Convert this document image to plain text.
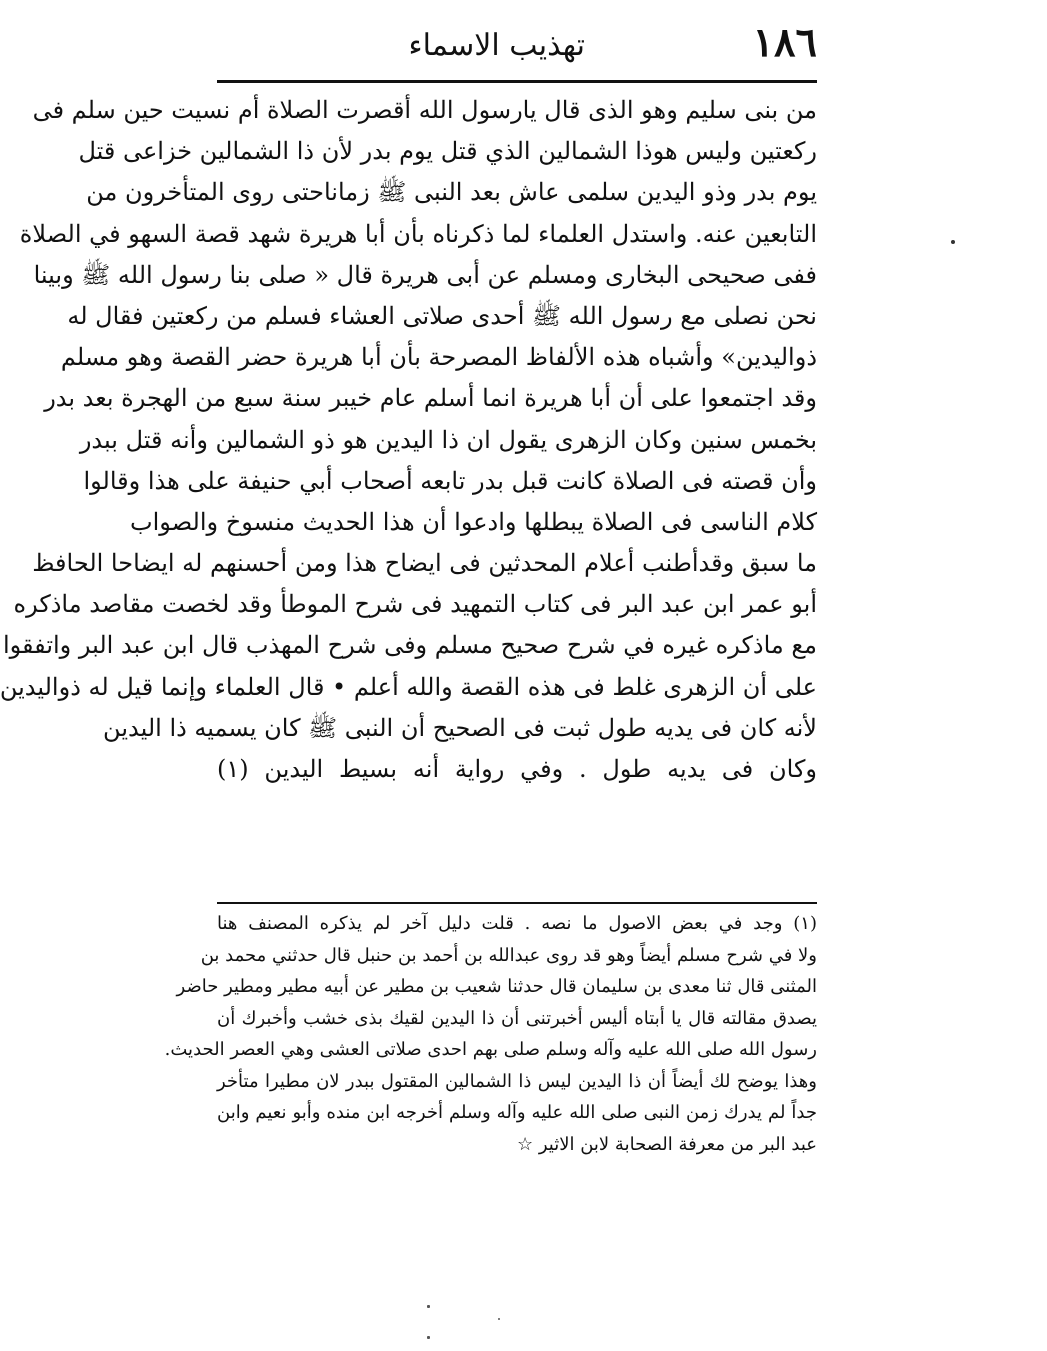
١٨٦
تهذيب الاسماء
من بنى سليم وهو الذى قال يارسول الله أقصرت الصلاة أم نسيت حين سلم فى
ركعتين وليس هوذا الشمالين الذي قتل يوم بدر لأن ذا الشمالين خزاعى قتل
يوم بدر وذو اليدين سلمى عاش بعد النبى ﷺ زماناحتى روى المتأخرون من
التابعين عنه. واستدل العلماء لما ذكرناه بأن أبا هريرة شهد قصة السهو في الصلاة
ففى صحيحى البخارى ومسلم عن أبى هريرة قال « صلى بنا رسول الله ﷺ وبينا
نحن نصلى مع رسول الله ﷺ أحدى صلاتى العشاء فسلم من ركعتين فقال له
ذواليدين» وأشباه هذه الألفاظ المصرحة بأن أبا هريرة حضر القصة وهو مسلم
وقد اجتمعوا على أن أبا هريرة انما أسلم عام خيبر سنة سبع من الهجرة بعد بدر
بخمس سنين وكان الزهرى يقول ان ذا اليدين هو ذو الشمالين وأنه قتل ببدر
وأن قصته فى الصلاة كانت قبل بدر تابعه أصحاب أبي حنيفة على هذا وقالوا
كلام الناسى فى الصلاة يبطلها وادعوا أن هذا الحديث منسوخ والصواب
ما سبق وقدأطنب أعلام المحدثين فى ايضاح هذا ومن أحسنهم له ايضاحا الحافظ
أبو عمر ابن عبد البر فى كتاب التمهيد فى شرح الموطأ وقد لخصت مقاصد ماذكره
مع ماذكره غيره في شرح صحيح مسلم وفى شرح المهذب قال ابن عبد البر واتفقوا
على أن الزهرى غلط فى هذه القصة والله أعلم • قال العلماء وإنما قيل له ذواليدين
لأنه كان فى يديه طول ثبت فى الصحيح أن النبى ﷺ كان يسميه ذا اليدين
وكان فى يديه طول . وفي رواية أنه بسيط اليدين (١)
(١) وجد في بعض الاصول ما نصه . قلت دليل آخر لم يذكره المصنف هنا
ولا في شرح مسلم أيضاً وهو قد روى عبدالله بن أحمد بن حنبل قال حدثني محمد بن
المثنى قال ثنا معدى بن سليمان قال حدثنا شعيب بن مطير عن أبيه مطير ومطير حاضر
يصدق مقالته قال يا أبتاه أليس أخبرتنى أن ذا اليدين لقيك بذى خشب وأخبرك أن
رسول الله صلى الله عليه وآله وسلم صلى بهم احدى صلاتى العشى وهي العصر الحديث.
وهذا يوضح لك أيضاً أن ذا اليدين ليس ذا الشمالين المقتول ببدر لان مطيرا متأخر
جداً لم يدرك زمن النبى صلى الله عليه وآله وسلم أخرجه ابن منده وأبو نعيم وابن
عبد البر من معرفة الصحابة لابن الاثير ☆
